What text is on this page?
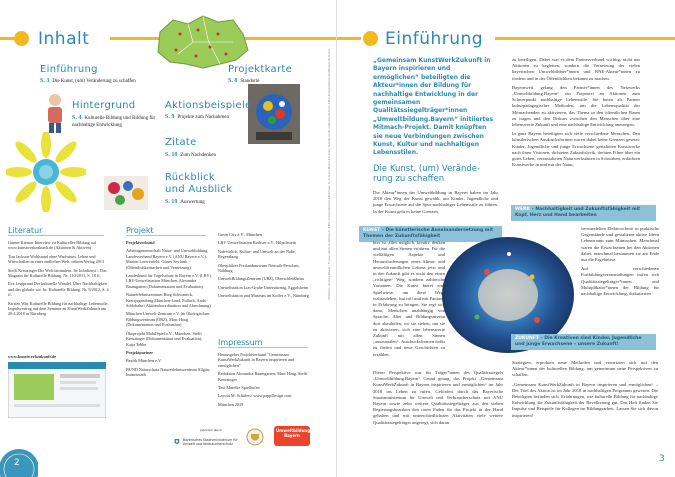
Inhalt
Einführung
S. 3 Die Kunst, (um) Veränderung zu schaffen
Projektkarte
S. 8 Standorte
Hintergrund
S. 4 Kulturelle Bildung und Bildung für nachhaltige Entwicklung
Aktionsbeispiele
S. 9 Projekte zum Nachahmen
Zitate
S. 18 Zum Nachdenken
Rückblick
und Ausblick
S. 19 Auswertung
Literatur

Günter Kiesner Interview zu Kultureller Bildung auf www.kunstwerkzukunft.de (Aktionen & Aktiven)

Tim Jackson Wohlstand ohne Wachstum. Leben und Wirtschaften in einer endlichen Welt. oekom Verlag 2013

Steffi Kreuzinger Die Welt fairändern. In: Infodienst – Das Magazin für Kulturelle Bildung. Nr. 110/2013, S. 18 ff.

Eva Leipprand Der kulturelle Wandel. Über Nachhaltigkeit und das globale wir. In: Kulturelle Bildung. Nr. 9/2012, S. 4 ff.

Kirsten Witt Kulturelle Bildung für nachhaltige Lebensstile. Impulsvortrag auf dem Seminar zu KunstWerkZukunft am 20.4.2018 in Nürnberg

www.kunstwerkzukunft.de
Projekt

Projektverbund

Arbeitsgemeinschaft Natur- und Umweltbildung, Landesverband Bayern e.V. (ANU Bayern e.V.), Marion Loewenfeld, Günes Seyfarth (Öffentlichkeitsarbeit und Vernetzung)

Landesbund für Vogelschutz in Bayern e.V. (LBV), LBV-Umweltstation München, Alexandra Baumgarten (Dokumentation und Evaluation)

Naturerlebniszentrum Burg Schwaneck, Kreisjugendring München-Land, Pullach, Anda Schlehahn (Aktionskoordination und Abrechnung)

München Umwelt-Zentrum e.V. im Ökologischen Bildungszentrum (ÖBZ), Marc Haug (Dokumentation und Evaluation)

Ökoprojekt MobilSpiel e.V., München, Steffi Kreuzinger (Dokumentation und Evaluation), Katja Tebbe

Projektpartner

Bezirk München e.V.

BUND Naturschutz Naturerlebniszentrum Allgäu, Immenstadt

Green City e.V., München

LBV Umweltstation Rothsee e.V., Hilpoltstein

Nab-türlich, Kultur- und Umwelt an der Nabe, Regensburg

Oberpfälzer Freilandmuseum Neusath-Perschen, Nabburg

UmweltBildungsZentrum (UBZ), Oberschleißheim

Umweltstation Lias-Grube Unterstürmig, Eggolsheim

Umweltstation und Museum im Koffer e.V., Nürnberg

Impressum

Herausgeber Projektverbund "Gemeinsam KunstWerkZukunft in Bayern inspirieren und ermöglichen"

Redaktion Alexandra Baumgarten, Marc Haug, Steffi Kreuzinger

Text Mareike Spielhofen

Layout M. Schäfers/ www.pappDesign.com

München 2019

gefördert durch
Bayerisches Staatsministerium für Umwelt und Verbraucherschutz
Umweltbildung. Bayern
Titelfoto: Andrea Huber | Fotos: Aktiv Schönbach: LBV-Umweltstation München, S. 3: Karl-Heinz Lechner, Kinderwerk: Gabriele Sebold, LBV-Umweltzentrum Mensch & Natur
2
Einführung
„Gemeinsam KunstWerkZukunft in Bayern inspirieren und ermöglichen“ beteiligten die Akteur*innen der Bildung für nachhaltige Entwicklung in der gemeinsamen Qualitätssiegelträger*innen „Umweltbildung.Bayern“ initiiertes Mitmach-Projekt. Damit knüpften sie neue Verbindungen zwischen Kunst, Kultur und nachhaltigen Lebensstilen.
Die Kunst, (um) Verände-
rung zu schaffen
Die Akteur*innen der Umweltbildung in Bayern haben im Jahr 2018 den Weg der Kunst gewählt, um Kinder, Jugendliche und junge Erwachsene auf die Spur nachhaltiger Lebensstile zu führen. In der Kunst geht es keine Grenzen,
KUNST – Die künstlerische Auseinandersetzung mit Themen der Zukunftsfähigkeit

hier ist alles möglich, kreativ denken und mit allen Sinnen erfahren. Für die vielfältigen Aspekte und Herausforderungen eines klima- und umweltfreundlichen Lebens jetzt und in der Zukunft gibt es nicht den einen „richtigen“ Weg, sondern zahlreiche Varianten. Die Kunst bietet eine Spielwiese, um diese Wege wahrzuleben, lustvoll und mit Fantasie in Erfahrung zu bringen. Sie regt sich dann, Menschen unabhängig von Sprache, Alter und Bildungsniveau dort abzuholen, wo sie stehen, um sie zu aktivieren, sich eine lebenswerte Zukunft mit allen Sinnen „auszumalen“. Ausdrucksformen dafür zu finden und neue Geschichten zu erzählen.

Dieser Perspektive war für Träger*innen des Qualitätssiegels „Umweltbildung.Bayern“ Grund genug, das Projekt „Gemeinsam KunstWerkZukunft in Bayern inspirieren und ermöglichen“ im Jahr 2018 ins Leben zu rufen. Gefördert durch das Bayerische Staatsministerium für Umwelt und Verbraucherschutz mit ANU Bayern sowie zehn weitere Qualitätssiegelträger aus den sieben Regierungsbezirken den roten Faden für das Projekt in der Hand gehalten und mit unterschiedlichsten Aktivitäten viele weitere Qualitätssiegelträger angeregt, sich daran

zu beteiligen. Dabei war es dem Partnerverbund wichtig, nicht nur Aktionen zu begleiten, sondern die Vernetzung der vielen bayerischen Umweltbildner*innen und BNE-Akteur*innen zu fördern und in der Öffentlichkeit bekannt zu machen.

Bayernweit gelang den Partner*innen des Netzwerks „Umweltbildung.Bayern“ ein Potpourri an Aktionen zum Schwerpunkt nachhaltige Lebensstile. Sie boten als Partner kulturpädagogischer Methoden, um die Lebensqualität der Mitmachenden zu aktivieren, das Thema in den öffentlichen Raum zu tragen und den Diskurs zwischen den Menschen über eine lebenswerte Zukunft und eine nachhaltige Entwicklung anzuregen.

In ganz Bayern beteiligten sich viele verschiedene Menschen. Den künstlerischen Ausdrucksformen waren dabei keine Grenzen gesetzt: Kinder, Jugendliche und junge Erwachsene gestalteten Kunstwerke nach ihren Visionen, dichteten Zukunftslyrik, drehten Filme über ein gutes Leben, veranstalteten Naturwerkstätten in Schwaben, erdachten Kunstwerke in und mit der Natur,

WERK – Nachhaltigkeit und Zukunftsfähigkeit mit Kopf, Herz und Hand bearbeiten

verwandelten Elektroschrott in praktische Gegenstände und gestalteten aktive Ideen Lebensraum zum Mitmachen. Manchmal waren die Erwachsenen bei den Aktionen dabei, manchmal bestaunten sie am Ende nur die Ergebnisse.

Auf verschiedenen Fortbildungsveranstaltungen trafen sich Qualitätssiegelträger*innen und Multiplikator*innen der Bildung für nachhaltige Entwicklung, diskutierten

ZUKUNFT – Die Kreativen sind Kinder, Jugendliche und junge Erwachsene – unsere Zukunft!

Strategien, erprobten neue Methoden und vernetzten sich mit den Akteur*innen der kulturellen Bildung, um gemeinsam neue Perspektiven zu schaffen.

„Gemeinsam KunstWerkZukunft in Bayern inspirieren und ermöglichen“ – Der Titel des Aktion ist im Jahr 2018 in nachhaltigen Programm gewesen. Die Beteiligten befinden sich, Erfahrungen, wie kulturelle Bildung für nachhaltige Entwicklung die Zukunftsfähigkeit der Bevölkerung gut. Das Heft finden Sie Impulse und Beispiele für Kollegen im Bildungsarbeit. Lassen Sie sich davon inspirieren!

3
